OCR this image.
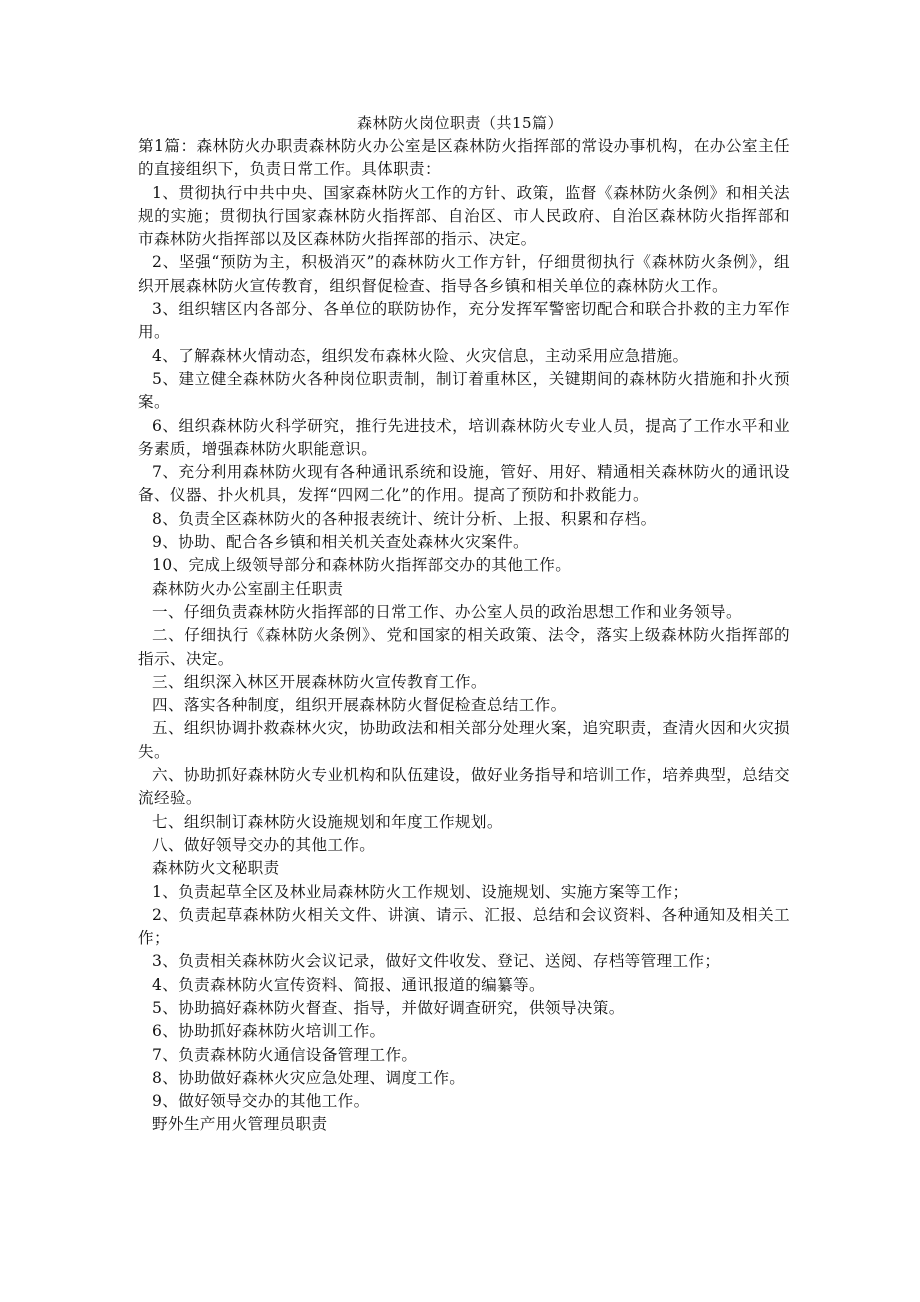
森林防火岗位职责（共15篇）

第1篇：森林防火办职责森林防火办公室是区森林防火指挥部的常设办事机构，在办公室主任的直接组织下，负责日常工作。具体职责：

1、贯彻执行中共中央、国家森林防火工作的方针、政策，监督《森林防火条例》和相关法规的实施；贯彻执行国家森林防火指挥部、自治区、市人民政府、自治区森林防火指挥部和市森林防火指挥部以及区森林防火指挥部的指示、决定。

2、坚强“预防为主，积极消灭”的森林防火工作方针，仔细贯彻执行《森林防火条例》，组织开展森林防火宣传教育，组织督促检查、指导各乡镇和相关单位的森林防火工作。

3、组织辖区内各部分、各单位的联防协作，充分发挥军警密切配合和联合扑救的主力军作用。

4、了解森林火情动态，组织发布森林火险、火灾信息，主动采用应急措施。

5、建立健全森林防火各种岗位职责制，制订着重林区，关键期间的森林防火措施和扑火预案。

6、组织森林防火科学研究，推行先进技术，培训森林防火专业人员，提高了工作水平和业务素质，增强森林防火职能意识。

7、充分利用森林防火现有各种通讯系统和设施，管好、用好、精通相关森林防火的通讯设备、仪器、扑火机具，发挥“四网二化”的作用。提高了预防和扑救能力。

8、负责全区森林防火的各种报表统计、统计分析、上报、积累和存档。

9、协助、配合各乡镇和相关机关查处森林火灾案件。

10、完成上级领导部分和森林防火指挥部交办的其他工作。

森林防火办公室副主任职责

一、仔细负责森林防火指挥部的日常工作、办公室人员的政治思想工作和业务领导。

二、仔细执行《森林防火条例》、党和国家的相关政策、法令，落实上级森林防火指挥部的指示、决定。

三、组织深入林区开展森林防火宣传教育工作。

四、落实各种制度，组织开展森林防火督促检查总结工作。

五、组织协调扑救森林火灾，协助政法和相关部分处理火案，追究职责，查清火因和火灾损失。

六、协助抓好森林防火专业机构和队伍建设，做好业务指导和培训工作，培养典型，总结交流经验。

七、组织制订森林防火设施规划和年度工作规划。

八、做好领导交办的其他工作。

森林防火文秘职责

1、负责起草全区及林业局森林防火工作规划、设施规划、实施方案等工作；

2、负责起草森林防火相关文件、讲演、请示、汇报、总结和会议资料、各种通知及相关工作；

3、负责相关森林防火会议记录，做好文件收发、登记、送阅、存档等管理工作；

4、负责森林防火宣传资料、简报、通讯报道的编纂等。

5、协助搞好森林防火督查、指导，并做好调查研究，供领导决策。

6、协助抓好森林防火培训工作。

7、负责森林防火通信设备管理工作。

8、协助做好森林火灾应急处理、调度工作。

9、做好领导交办的其他工作。

野外生产用火管理员职责
